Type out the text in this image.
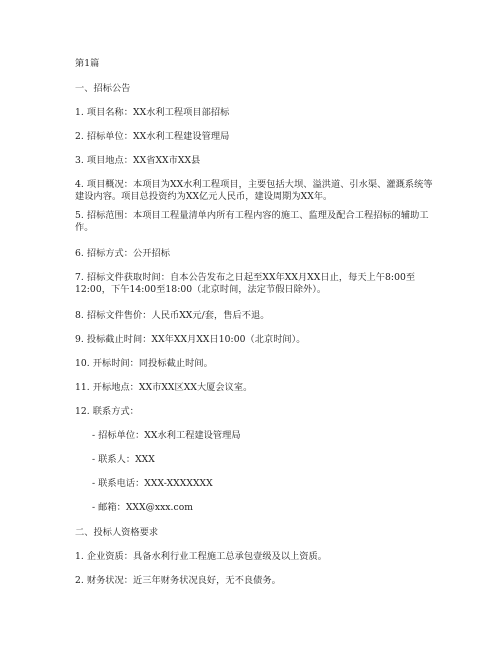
第1篇
一、招标公告
1. 项目名称：XX水利工程项目部招标
2. 招标单位：XX水利工程建设管理局
3. 项目地点：XX省XX市XX县
4. 项目概况：本项目为XX水利工程项目，主要包括大坝、溢洪道、引水渠、灌溉系统等建设内容。项目总投资约为XX亿元人民币，建设周期为XX年。
5. 招标范围：本项目工程量清单内所有工程内容的施工、监理及配合工程招标的辅助工作。
6. 招标方式：公开招标
7. 招标文件获取时间：自本公告发布之日起至XX年XX月XX日止，每天上午8:00至12:00，下午14:00至18:00（北京时间，法定节假日除外）。
8. 招标文件售价：人民币XX元/套，售后不退。
9. 投标截止时间：XX年XX月XX日10:00（北京时间）。
10. 开标时间：同投标截止时间。
11. 开标地点：XX市XX区XX大厦会议室。
12. 联系方式：
- 招标单位：XX水利工程建设管理局
- 联系人：XXX
- 联系电话：XXX-XXXXXXX
- 邮箱：XXX@xxx.com
二、投标人资格要求
1. 企业资质：具备水利行业工程施工总承包壹级及以上资质。
2. 财务状况：近三年财务状况良好，无不良债务。
